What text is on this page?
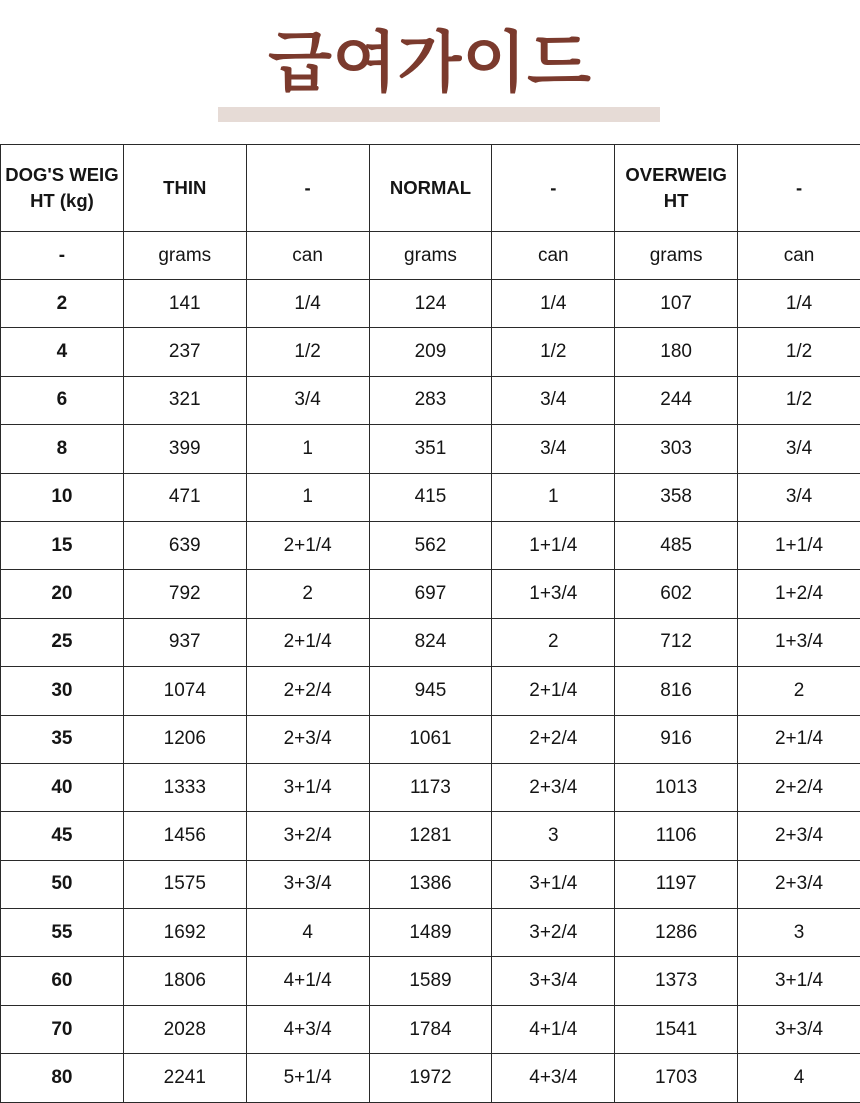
급여가이드
DOG'S WEIGHT (kg)	THIN	-	NORMAL	-	OVERWEIGHT	-
-	grams	can	grams	can	grams	can
2	141	1/4	124	1/4	107	1/4
4	237	1/2	209	1/2	180	1/2
6	321	3/4	283	3/4	244	1/2
8	399	1	351	3/4	303	3/4
10	471	1	415	1	358	3/4
15	639	2+1/4	562	1+1/4	485	1+1/4
20	792	2	697	1+3/4	602	1+2/4
25	937	2+1/4	824	2	712	1+3/4
30	1074	2+2/4	945	2+1/4	816	2
35	1206	2+3/4	1061	2+2/4	916	2+1/4
40	1333	3+1/4	1173	2+3/4	1013	2+2/4
45	1456	3+2/4	1281	3	1106	2+3/4
50	1575	3+3/4	1386	3+1/4	1197	2+3/4
55	1692	4	1489	3+2/4	1286	3
60	1806	4+1/4	1589	3+3/4	1373	3+1/4
70	2028	4+3/4	1784	4+1/4	1541	3+3/4
80	2241	5+1/4	1972	4+3/4	1703	4
